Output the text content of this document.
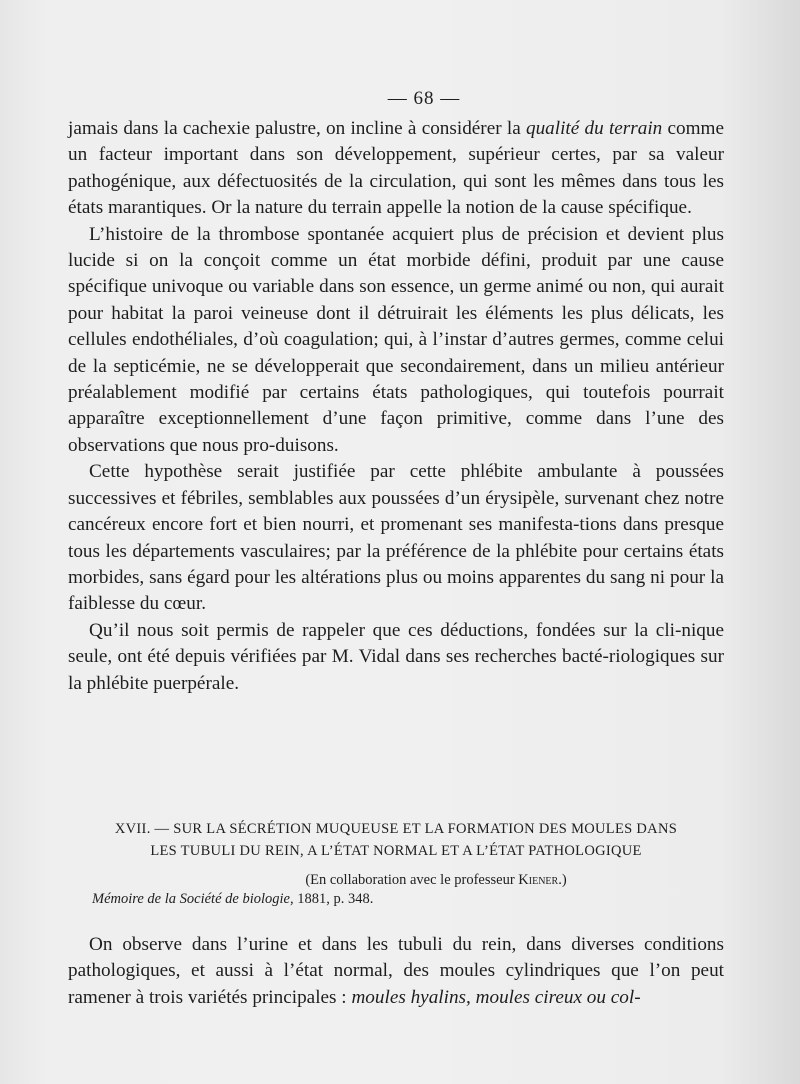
— 68 —

jamais dans la cachexie palustre, on incline à considérer la qualité du terrain comme un facteur important dans son développement, supérieur certes, par sa valeur pathogénique, aux défectuosités de la circulation, qui sont les mêmes dans tous les états marantiques. Or la nature du terrain appelle la notion de la cause spécifique.

L’histoire de la thrombose spontanée acquiert plus de précision et devient plus lucide si on la conçoit comme un état morbide défini, produit par une cause spécifique univoque ou variable dans son essence, un germe animé ou non, qui aurait pour habitat la paroi veineuse dont il détruirait les éléments les plus délicats, les cellules endothéliales, d’où coagulation; qui, à l’instar d’autres germes, comme celui de la septicémie, ne se développerait que secondairement, dans un milieu antérieur préalablement modifié par certains états pathologiques, qui toutefois pourrait apparaître exceptionnellement d’une façon primitive, comme dans l’une des observations que nous pro-duisons.

Cette hypothèse serait justifiée par cette phlébite ambulante à poussées successives et fébriles, semblables aux poussées d’un érysipèle, survenant chez notre cancéreux encore fort et bien nourri, et promenant ses manifesta-tions dans presque tous les départements vasculaires; par la préférence de la phlébite pour certains états morbides, sans égard pour les altérations plus ou moins apparentes du sang ni pour la faiblesse du cœur.

Qu’il nous soit permis de rappeler que ces déductions, fondées sur la cli-nique seule, ont été depuis vérifiées par M. Vidal dans ses recherches bacté-riologiques sur la phlébite puerpérale.

XVII. — SUR LA SÉCRÉTION MUQUEUSE ET LA FORMATION DES MOULES DANS
LES TUBULI DU REIN, A L’ÉTAT NORMAL ET A L’ÉTAT PATHOLOGIQUE
(En collaboration avec le professeur Kiener.)
Mémoire de la Société de biologie, 1881, p. 348.

On observe dans l’urine et dans les tubuli du rein, dans diverses conditions pathologiques, et aussi à l’état normal, des moules cylindriques que l’on peut ramener à trois variétés principales : moules hyalins, moules cireux ou col-
